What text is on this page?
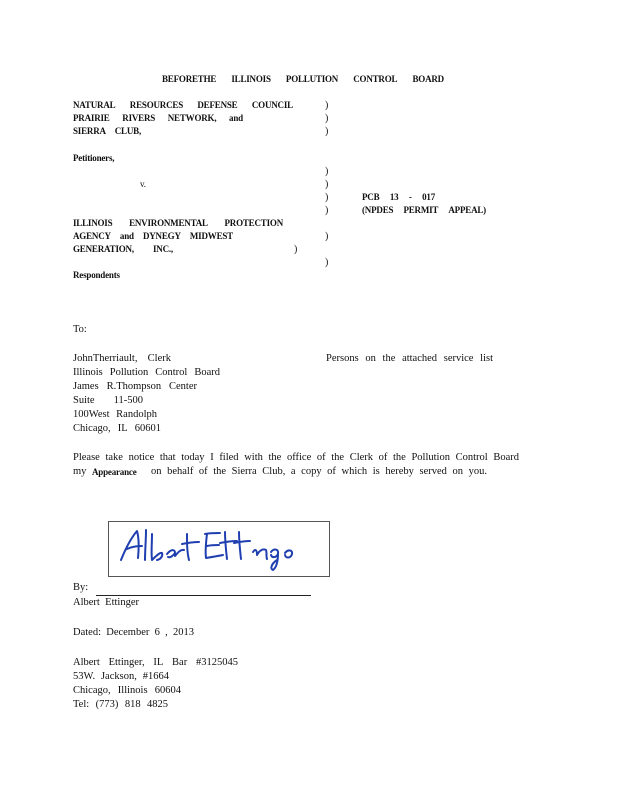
BEFORETHE ILLINOIS POLLUTION CONTROL BOARD
NATURAL RESOURCES DEFENSE COUNCIL
PRAIRIE RIVERS NETWORK, and
SIERRA CLUB,
Petitioners,
)
)
)
v.
)
)
)
)
PCB 13 - 017
(NPDES PERMIT APPEAL)
ILLINOIS ENVIRONMENTAL PROTECTION
AGENCY and DYNEGY MIDWEST
GENERATION, INC.,
)
)
)
Respondents
To:
JohnTherriault, Clerk
Illinois Pollution Control Board
James R.Thompson Center
Suite 11-500
100West Randolph
Chicago, IL 60601
Persons on the attached service list
Please take notice that today I filed with the office of the Clerk of the Pollution Control Board
my Appearance on behalf of the Sierra Club, a copy of which is hereby served on you.
By:
Albert Ettinger
Dated: December 6 , 2013
Albert Ettinger, IL Bar #3125045
53W. Jackson, #1664
Chicago, Illinois 60604
Tel: (773) 818 4825
